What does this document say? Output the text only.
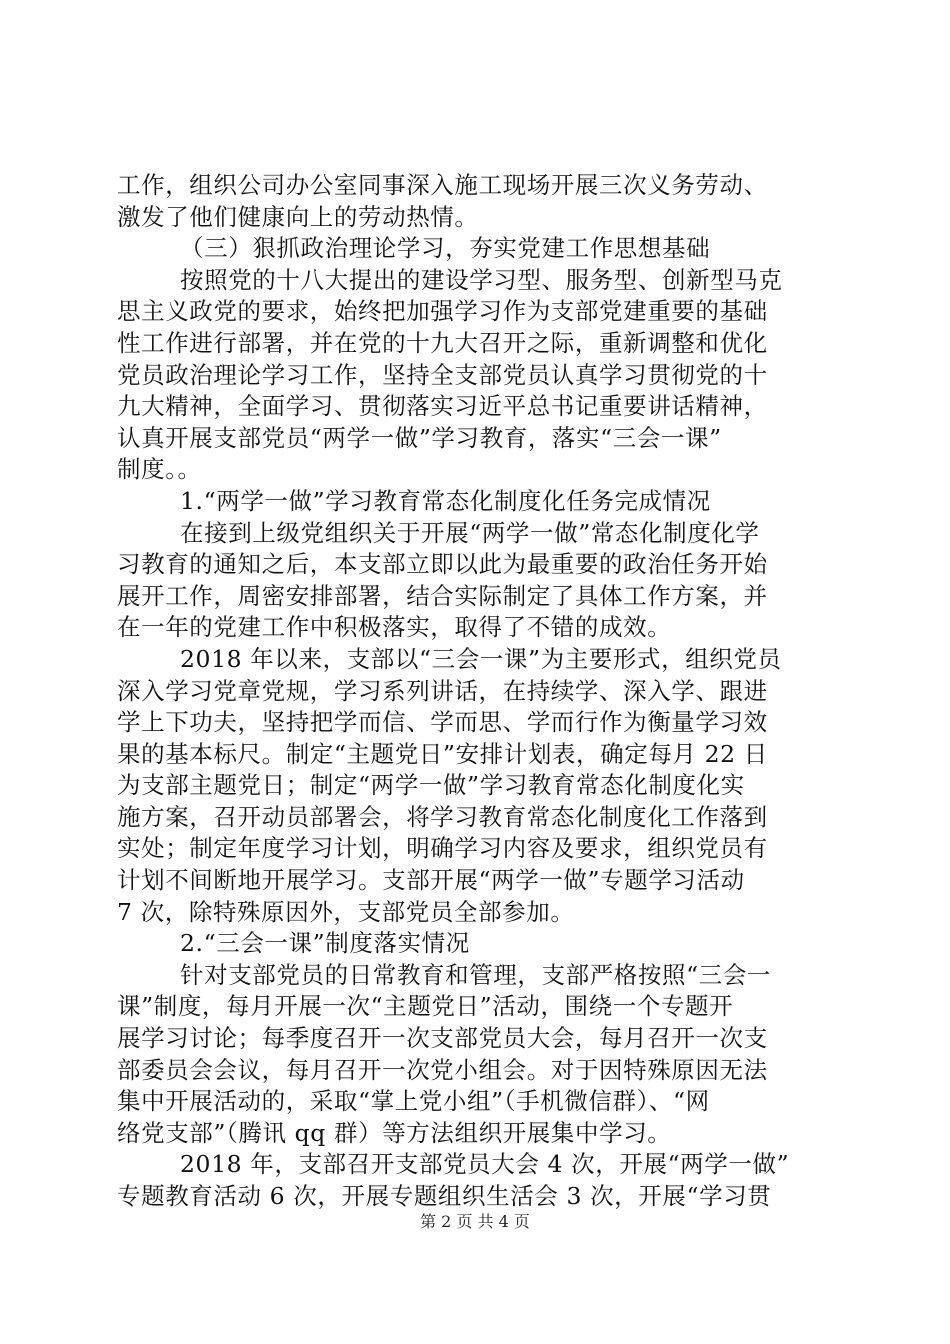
工作，组织公司办公室同事深入施工现场开展三次义务劳动、
激发了他们健康向上的劳动热情。
（三）狠抓政治理论学习，夯实党建工作思想基础
按照党的十八大提出的建设学习型、服务型、创新型马克
思主义政党的要求，始终把加强学习作为支部党建重要的基础
性工作进行部署，并在党的十九大召开之际，重新调整和优化
党员政治理论学习工作，坚持全支部党员认真学习贯彻党的十
九大精神，全面学习、贯彻落实习近平总书记重要讲话精神，
认真开展支部党员“两学一做”学习教育，落实“三会一课”
制度。。
1.“两学一做”学习教育常态化制度化任务完成情况
在接到上级党组织关于开展“两学一做”常态化制度化学
习教育的通知之后，本支部立即以此为最重要的政治任务开始
展开工作，周密安排部署，结合实际制定了具体工作方案，并
在一年的党建工作中积极落实，取得了不错的成效。
2018 年以来，支部以“三会一课”为主要形式，组织党员
深入学习党章党规，学习系列讲话，在持续学、深入学、跟进
学上下功夫，坚持把学而信、学而思、学而行作为衡量学习效
果的基本标尺。制定“主题党日”安排计划表，确定每月 22 日
为支部主题党日；制定“两学一做”学习教育常态化制度化实
施方案，召开动员部署会，将学习教育常态化制度化工作落到
实处；制定年度学习计划，明确学习内容及要求，组织党员有
计划不间断地开展学习。支部开展“两学一做”专题学习活动
7 次，除特殊原因外，支部党员全部参加。
2.“三会一课”制度落实情况
针对支部党员的日常教育和管理，支部严格按照“三会一
课”制度，每月开展一次“主题党日”活动，围绕一个专题开
展学习讨论；每季度召开一次支部党员大会，每月召开一次支
部委员会会议，每月召开一次党小组会。对于因特殊原因无法
集中开展活动的，采取“掌上党小组”（手机微信群）、“网
络党支部”（腾讯 qq 群）等方法组织开展集中学习。
2018 年，支部召开支部党员大会 4 次，开展“两学一做”
专题教育活动 6 次，开展专题组织生活会 3 次，开展“学习贯
第 2 页 共 4 页
